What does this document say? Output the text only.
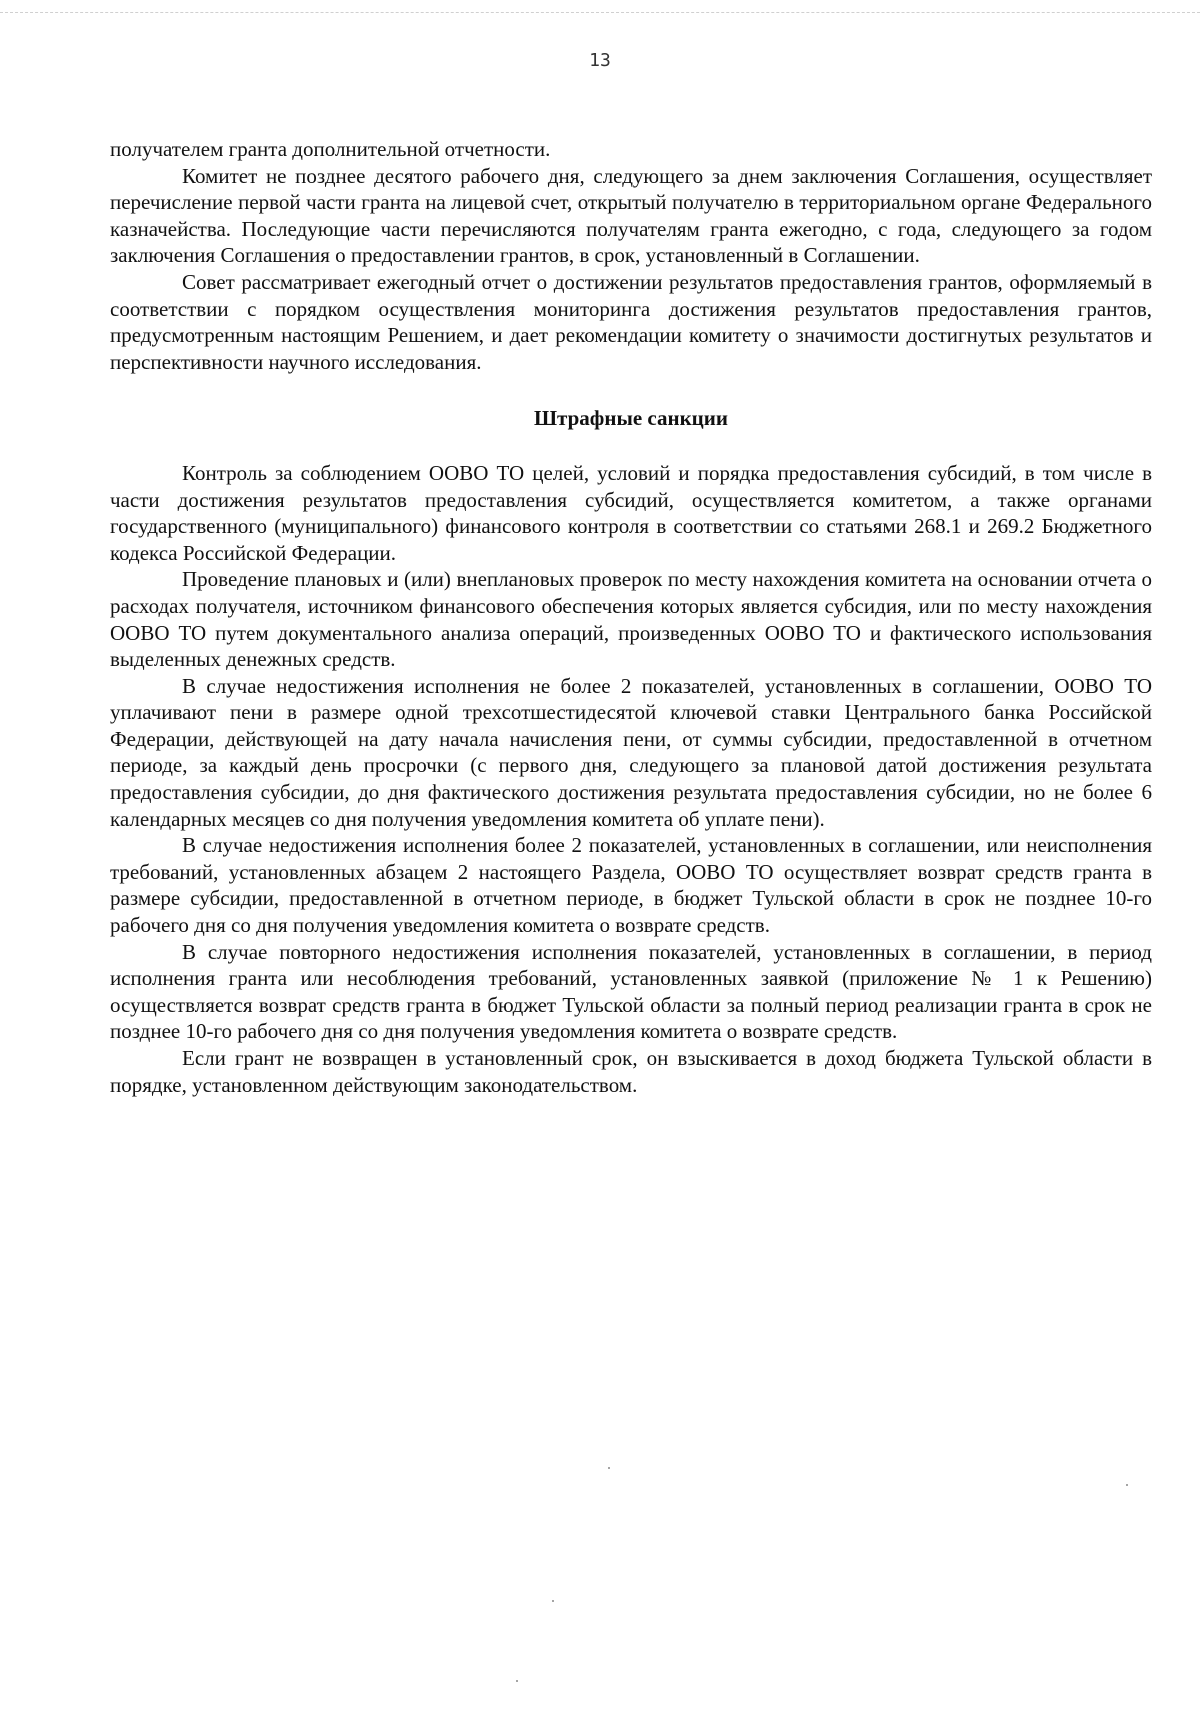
13

получателем гранта дополнительной отчетности.

Комитет не позднее десятого рабочего дня, следующего за днем заключения Соглашения, осуществляет перечисление первой части гранта на лицевой счет, открытый получателю в территориальном органе Федерального казначейства. Последующие части перечисляются получателям гранта ежегодно, с года, следующего за годом заключения Соглашения о предоставлении грантов, в срок, установленный в Соглашении.

Совет рассматривает ежегодный отчет о достижении результатов предоставления грантов, оформляемый в соответствии с порядком осуществления мониторинга достижения результатов предоставления грантов, предусмотренным настоящим Решением, и дает рекомендации комитету о значимости достигнутых результатов и перспективности научного исследования.

Штрафные санкции

Контроль за соблюдением ООВО ТО целей, условий и порядка предоставления субсидий, в том числе в части достижения результатов предоставления субсидий, осуществляется комитетом, а также органами государственного (муниципального) финансового контроля в соответствии со статьями 268.1 и 269.2 Бюджетного кодекса Российской Федерации.

Проведение плановых и (или) внеплановых проверок по месту нахождения комитета на основании отчета о расходах получателя, источником финансового обеспечения которых является субсидия, или по месту нахождения ООВО ТО путем документального анализа операций, произведенных ООВО ТО и фактического использования выделенных денежных средств.

В случае недостижения исполнения не более 2 показателей, установленных в соглашении, ООВО ТО уплачивают пени в размере одной трехсотшестидесятой ключевой ставки Центрального банка Российской Федерации, действующей на дату начала начисления пени, от суммы субсидии, предоставленной в отчетном периоде, за каждый день просрочки (с первого дня, следующего за плановой датой достижения результата предоставления субсидии, до дня фактического достижения результата предоставления субсидии, но не более 6 календарных месяцев со дня получения уведомления комитета об уплате пени).

В случае недостижения исполнения более 2 показателей, установленных в соглашении, или неисполнения требований, установленных абзацем 2 настоящего Раздела, ООВО ТО осуществляет возврат средств гранта в размере субсидии, предоставленной в отчетном периоде, в бюджет Тульской области в срок не позднее 10-го рабочего дня со дня получения уведомления комитета о возврате средств.

В случае повторного недостижения исполнения показателей, установленных в соглашении, в период исполнения гранта или несоблюдения требований, установленных заявкой (приложение № 1 к Решению) осуществляется возврат средств гранта в бюджет Тульской области за полный период реализации гранта в срок не позднее 10-го рабочего дня со дня получения уведомления комитета о возврате средств.

Если грант не возвращен в установленный срок, он взыскивается в доход бюджета Тульской области в порядке, установленном действующим законодательством.
